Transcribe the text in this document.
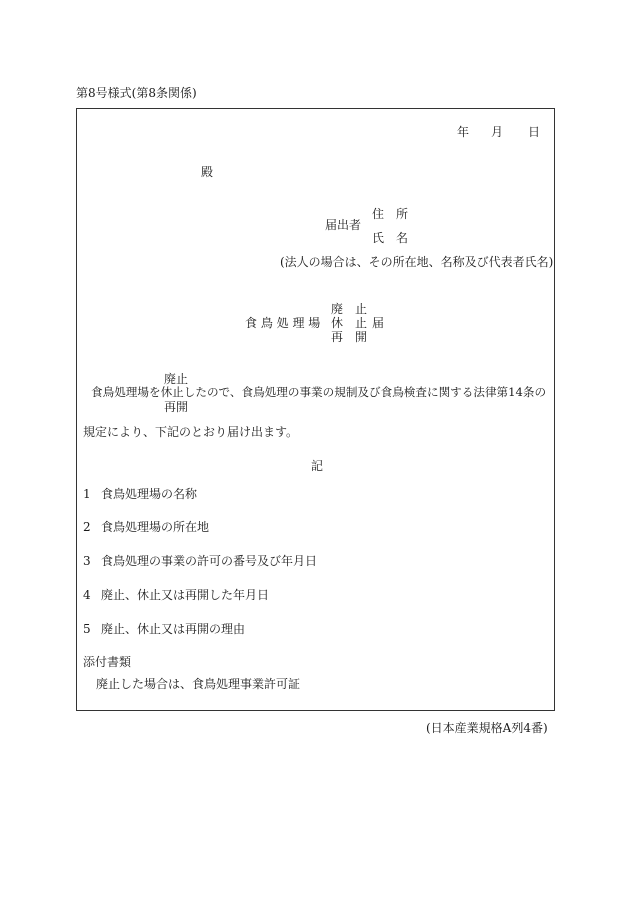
第8号様式(第8条関係)
年 月 日
殿
届出者
住　所
氏　名
(法人の場合は、その所在地、名称及び代表者氏名)
廃　止
食 鳥 処 理 場 休　止 届
再　開
廃止
食鳥処理場を休止したので、食鳥処理の事業の規制及び食鳥検査に関する法律第14条の
再開
規定により、下記のとおり届け出ます。
記
1 食鳥処理場の名称
2 食鳥処理場の所在地
3 食鳥処理の事業の許可の番号及び年月日
4 廃止、休止又は再開した年月日
5 廃止、休止又は再開の理由
添付書類
廃止した場合は、食鳥処理事業許可証
(日本産業規格A列4番)
